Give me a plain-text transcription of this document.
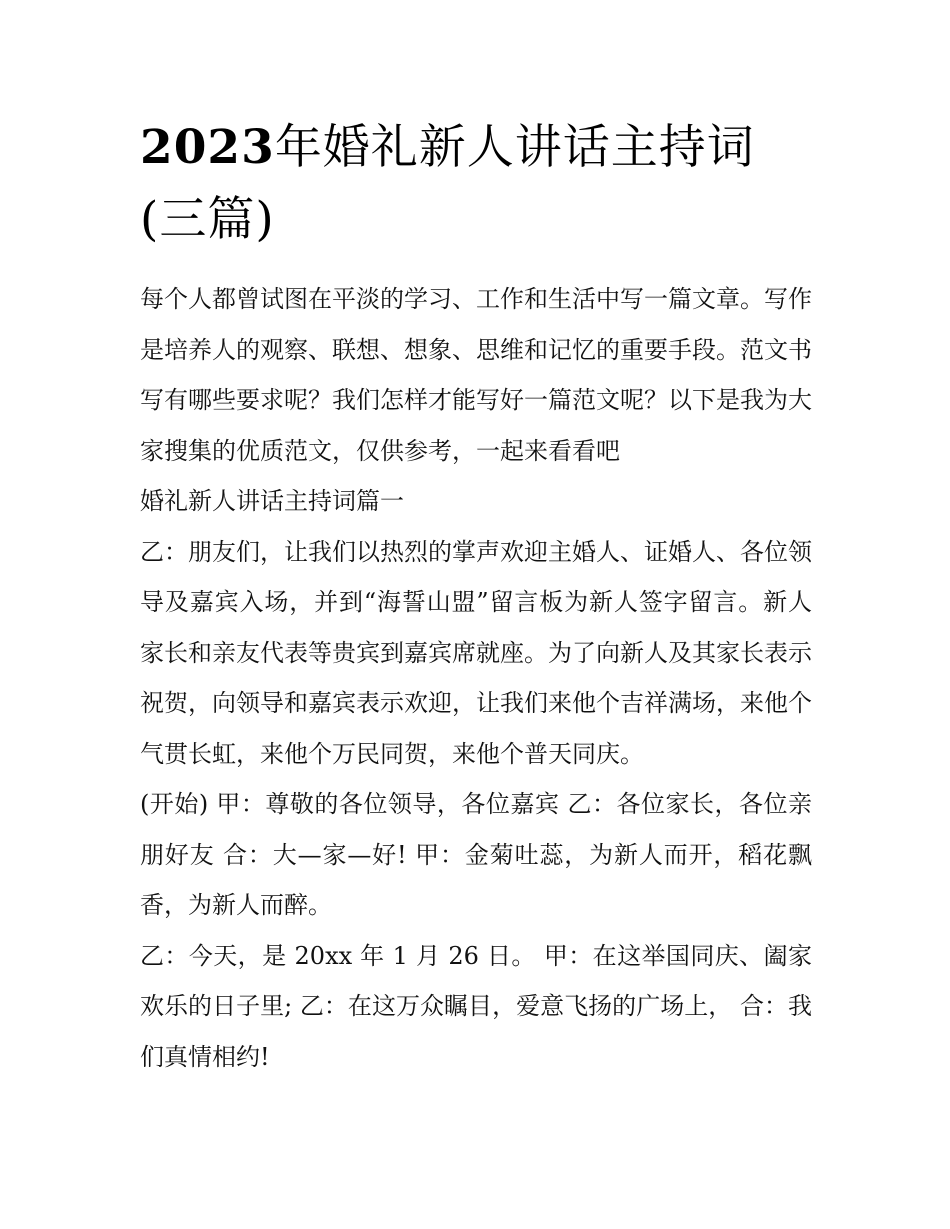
2023年婚礼新人讲话主持词
(三篇)

每个人都曾试图在平淡的学习、工作和生活中写一篇文章。写作是培养人的观察、联想、想象、思维和记忆的重要手段。范文书写有哪些要求呢？我们怎样才能写好一篇范文呢？以下是我为大家搜集的优质范文，仅供参考，一起来看看吧

婚礼新人讲话主持词篇一

乙：朋友们，让我们以热烈的掌声欢迎主婚人、证婚人、各位领导及嘉宾入场，并到“海誓山盟”留言板为新人签字留言。新人家长和亲友代表等贵宾到嘉宾席就座。为了向新人及其家长表示祝贺，向领导和嘉宾表示欢迎，让我们来他个吉祥满场，来他个气贯长虹，来他个万民同贺，来他个普天同庆。

(开始) 甲：尊敬的各位领导，各位嘉宾 乙：各位家长，各位亲朋好友 合：大—家—好! 甲：金菊吐蕊，为新人而开，稻花飘香，为新人而醉。

乙：今天，是 20xx 年 1 月 26 日。 甲：在这举国同庆、阖家欢乐的日子里; 乙：在这万众瞩目，爱意飞扬的广场上， 合：我们真情相约!
